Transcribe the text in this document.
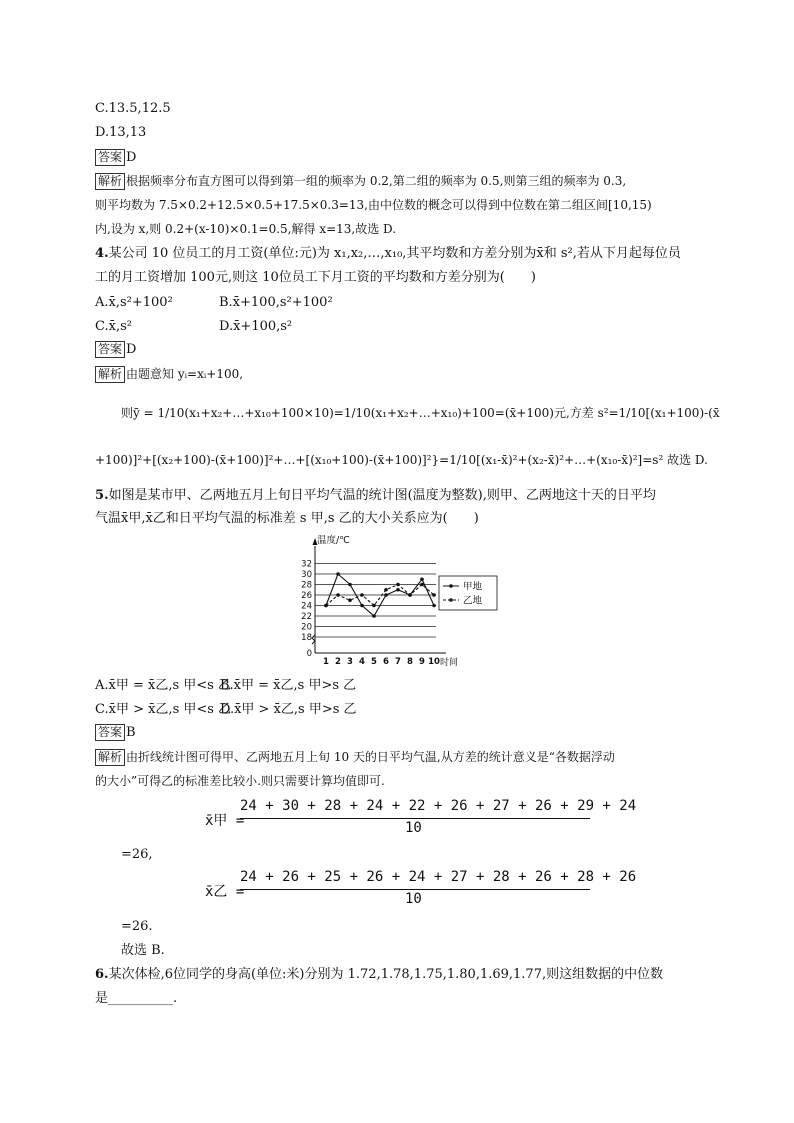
C.13.5,12.5
D.13,13
答案 D
解析 根据频率分布直方图可以得到第一组的频率为 0.2,第二组的频率为 0.5,则第三组的频率为 0.3,
则平均数为 7.5×0.2+12.5×0.5+17.5×0.3=13,由中位数的概念可以得到中位数在第二组区间[10,15)
内,设为 x,则 0.2+(x-10)×0.1=0.5,解得 x=13,故选 D.
4.某公司 10 位员工的月工资(单位:元)为 x₁,x₂,…,x₁₀,其平均数和方差分别为x̄和 s²,若从下月起每位员
工的月工资增加 100元,则这 10位员工下月工资的平均数和方差分别为(　　)
A.x̄,s²+100²	B.x̄+100,s²+100²
C.x̄,s²	D.x̄+100,s²
答案 D
解析 由题意知 yᵢ=xᵢ+100,
则ȳ = 1/10(x₁+x₂+…+x₁₀+100×10)=1/10(x₁+x₂+…+x₁₀)+100=(x̄+100)元,方差 s²=1/10[(x₁+100)-(x̄
+100)]²+[(x₂+100)-(x̄+100)]²+…+[(x₁₀+100)-(x̄+100)]²}=1/10[(x₁-x̄)²+(x₂-x̄)²+…+(x₁₀-x̄)²]=s² 故选 D.
5.如图是某市甲、乙两地五月上旬日平均气温的统计图(温度为整数),则甲、乙两地这十天的日平均
气温x̄甲,x̄乙和日平均气温的标准差 s 甲,s 乙的大小关系应为(　　)
0
18
20
22
24
26
28
30
32
温度/℃
时间
1 2 3 4 5 6 7 8 9 10
甲地
乙地
A.x̄甲 = x̄乙,s 甲<s 乙
B.x̄甲 = x̄乙,s 甲>s 乙
C.x̄甲 > x̄乙,s 甲<s 乙
D.x̄甲 > x̄乙,s 甲>s 乙
答案 B
解析 由折线统计图可得甲、乙两地五月上旬 10 天的日平均气温,从方差的统计意义是“各数据浮动
的大小”可得乙的标准差比较小.则只需要计算均值即可.
x̄甲 =
24 + 30 + 28 + 24 + 22 + 26 + 27 + 26 + 29 + 24
10
=26,
x̄乙 =
24 + 26 + 25 + 26 + 24 + 27 + 28 + 26 + 28 + 26
10
=26.
故选 B.
6.某次体检,6位同学的身高(单位:米)分别为 1.72,1.78,1.75,1.80,1.69,1.77,则这组数据的中位数
是__________.
